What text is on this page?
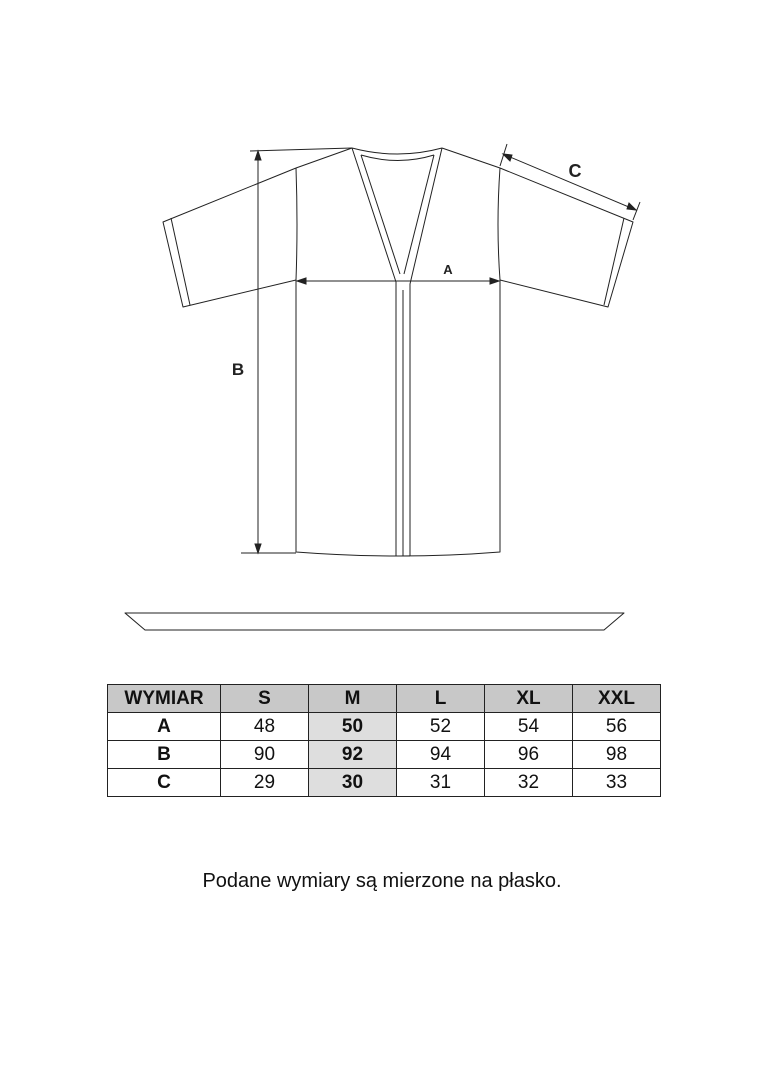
A
B
C
WYMIAR	S	M	L	XL	XXL
A	48	50	52	54	56
B	90	92	94	96	98
C	29	30	31	32	33
Podane wymiary są mierzone na płasko.
